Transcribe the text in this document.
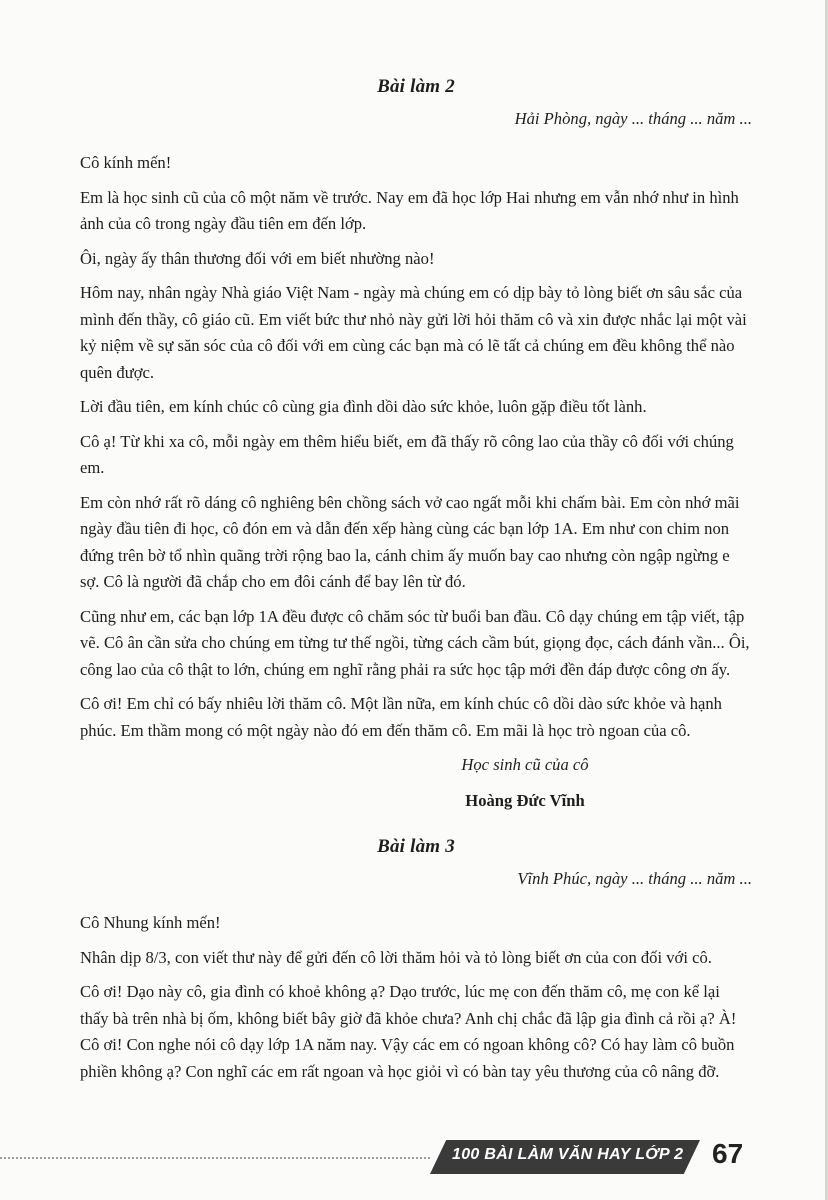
Bài làm 2
Hải Phòng, ngày ... tháng ... năm ...

Cô kính mến!

Em là học sinh cũ của cô một năm về trước. Nay em đã học lớp Hai nhưng em vẫn nhớ như in hình ảnh của cô trong ngày đầu tiên em đến lớp.

Ôi, ngày ấy thân thương đối với em biết nhường nào!

Hôm nay, nhân ngày Nhà giáo Việt Nam - ngày mà chúng em có dịp bày tỏ lòng biết ơn sâu sắc của mình đến thầy, cô giáo cũ. Em viết bức thư nhỏ này gửi lời hỏi thăm cô và xin được nhắc lại một vài kỷ niệm về sự săn sóc của cô đối với em cùng các bạn mà có lẽ tất cả chúng em đều không thể nào quên được.

Lời đầu tiên, em kính chúc cô cùng gia đình dồi dào sức khỏe, luôn gặp điều tốt lành.

Cô ạ! Từ khi xa cô, mỗi ngày em thêm hiểu biết, em đã thấy rõ công lao của thầy cô đối với chúng em.

Em còn nhớ rất rõ dáng cô nghiêng bên chồng sách vở cao ngất mỗi khi chấm bài. Em còn nhớ mãi ngày đầu tiên đi học, cô đón em và dẫn đến xếp hàng cùng các bạn lớp 1A. Em như con chim non đứng trên bờ tổ nhìn quãng trời rộng bao la, cánh chim ấy muốn bay cao nhưng còn ngập ngừng e sợ. Cô là người đã chắp cho em đôi cánh để bay lên từ đó.

Cũng như em, các bạn lớp 1A đều được cô chăm sóc từ buổi ban đầu. Cô dạy chúng em tập viết, tập vẽ. Cô ân cần sửa cho chúng em từng tư thế ngồi, từng cách cầm bút, giọng đọc, cách đánh vần... Ôi, công lao của cô thật to lớn, chúng em nghĩ rằng phải ra sức học tập mới đền đáp được công ơn ấy.

Cô ơi! Em chỉ có bấy nhiêu lời thăm cô. Một lần nữa, em kính chúc cô dồi dào sức khỏe và hạnh phúc. Em thầm mong có một ngày nào đó em đến thăm cô. Em mãi là học trò ngoan của cô.

Học sinh cũ của cô
Hoàng Đức Vĩnh
Bài làm 3
Vĩnh Phúc, ngày ... tháng ... năm ...

Cô Nhung kính mến!

Nhân dịp 8/3, con viết thư này để gửi đến cô lời thăm hỏi và tỏ lòng biết ơn của con đối với cô.

Cô ơi! Dạo này cô, gia đình có khoẻ không ạ? Dạo trước, lúc mẹ con đến thăm cô, mẹ con kể lại thấy bà trên nhà bị ốm, không biết bây giờ đã khỏe chưa? Anh chị chắc đã lập gia đình cả rồi ạ? À! Cô ơi! Con nghe nói cô dạy lớp 1A năm nay. Vậy các em có ngoan không cô? Có hay làm cô buồn phiền không ạ? Con nghĩ các em rất ngoan và học giỏi vì có bàn tay yêu thương của cô nâng đỡ.

100 BÀI LÀM VĂN HAY LỚP 2	67
